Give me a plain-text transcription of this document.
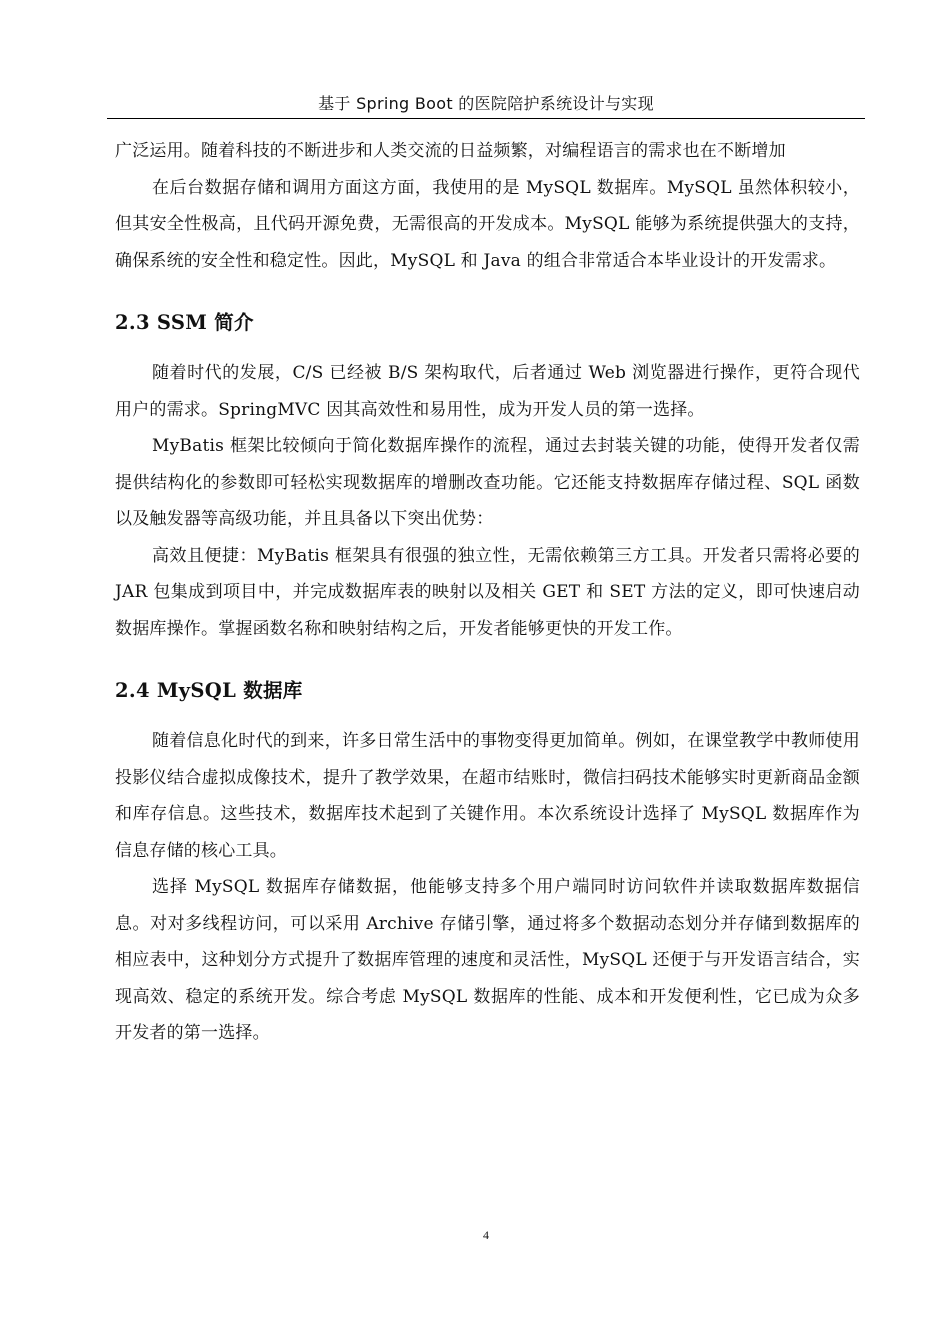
基于 Spring Boot 的医院陪护系统设计与实现

广泛运用。随着科技的不断进步和人类交流的日益频繁，对编程语言的需求也在不断增加

在后台数据存储和调用方面这方面，我使用的是 MySQL 数据库。MySQL 虽然体积较小，但其安全性极高，且代码开源免费，无需很高的开发成本。MySQL 能够为系统提供强大的支持，确保系统的安全性和稳定性。因此，MySQL 和 Java 的组合非常适合本毕业设计的开发需求。

2.3 SSM 简介

随着时代的发展，C/S 已经被 B/S 架构取代，后者通过 Web 浏览器进行操作，更符合现代用户的需求。SpringMVC 因其高效性和易用性，成为开发人员的第一选择。

MyBatis 框架比较倾向于简化数据库操作的流程，通过去封装关键的功能，使得开发者仅需提供结构化的参数即可轻松实现数据库的增删改查功能。它还能支持数据库存储过程、SQL 函数以及触发器等高级功能，并且具备以下突出优势：

高效且便捷：MyBatis 框架具有很强的独立性，无需依赖第三方工具。开发者只需将必要的 JAR 包集成到项目中，并完成数据库表的映射以及相关 GET 和 SET 方法的定义，即可快速启动数据库操作。掌握函数名称和映射结构之后，开发者能够更快的开发工作。

2.4 MySQL 数据库

随着信息化时代的到来，许多日常生活中的事物变得更加简单。例如，在课堂教学中教师使用投影仪结合虚拟成像技术，提升了教学效果，在超市结账时，微信扫码技术能够实时更新商品金额和库存信息。这些技术，数据库技术起到了关键作用。本次系统设计选择了 MySQL 数据库作为信息存储的核心工具。

选择 MySQL 数据库存储数据，他能够支持多个用户端同时访问软件并读取数据库数据信息。对对多线程访问，可以采用 Archive 存储引擎，通过将多个数据动态划分并存储到数据库的相应表中，这种划分方式提升了数据库管理的速度和灵活性，MySQL 还便于与开发语言结合，实现高效、稳定的系统开发。综合考虑 MySQL 数据库的性能、成本和开发便利性，它已成为众多开发者的第一选择。

4
